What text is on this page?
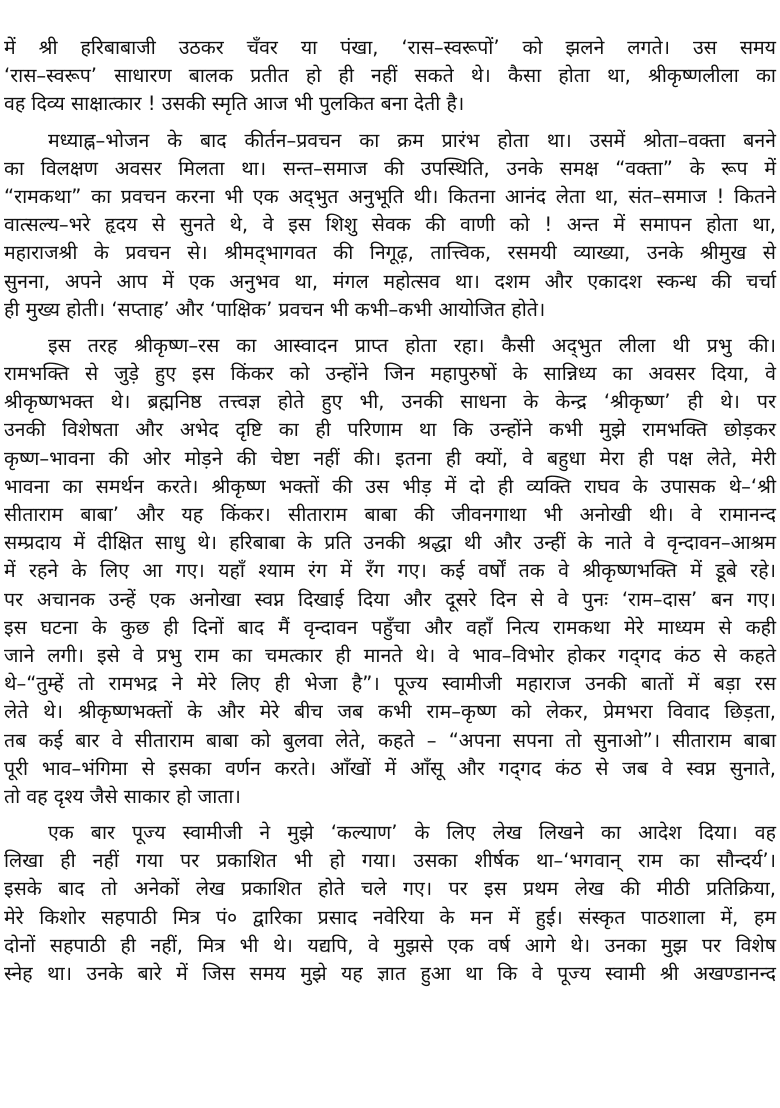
में श्री हरिबाबाजी उठकर चँवर या पंखा, ‘रास–स्वरूपों’ को झलने लगते। उस समय
‘रास–स्वरूप’ साधारण बालक प्रतीत हो ही नहीं सकते थे। कैसा होता था, श्रीकृष्णलीला का
वह दिव्य साक्षात्कार ! उसकी स्मृति आज भी पुलकित बना देती है।
मध्याह्न–भोजन के बाद कीर्तन–प्रवचन का क्रम प्रारंभ होता था। उसमें श्रोता–वक्ता बनने
का विलक्षण अवसर मिलता था। सन्त–समाज की उपस्थिति, उनके समक्ष “वक्ता” के रूप में
“रामकथा” का प्रवचन करना भी एक अद्‌भुत अनुभूति थी। कितना आनंद लेता था, संत–समाज ! कितने
वात्सल्य–भरे हृदय से सुनते थे, वे इस शिशु सेवक की वाणी को ! अन्त में समापन होता था,
महाराजश्री के प्रवचन से। श्रीमद्‌भागवत की निगूढ़, तात्त्विक, रसमयी व्याख्या, उनके श्रीमुख से
सुनना, अपने आप में एक अनुभव था, मंगल महोत्सव था। दशम और एकादश स्कन्ध की चर्चा
ही मुख्य होती। ‘सप्ताह’ और ‘पाक्षिक’ प्रवचन भी कभी–कभी आयोजित होते।
इस तरह श्रीकृष्ण–रस का आस्वादन प्राप्त होता रहा। कैसी अद्‌भुत लीला थी प्रभु की।
रामभक्ति से जुड़े हुए इस किंकर को उन्होंने जिन महापुरुषों के सान्निध्य का अवसर दिया, वे
श्रीकृष्णभक्त थे। ब्रह्मनिष्ठ तत्त्वज्ञ होते हुए भी, उनकी साधना के केन्द्र ‘श्रीकृष्ण’ ही थे। पर
उनकी विशेषता और अभेद दृष्टि का ही परिणाम था कि उन्होंने कभी मुझे रामभक्ति छोड़कर
कृष्ण–भावना की ओर मोड़ने की चेष्टा नहीं की। इतना ही क्यों, वे बहुधा मेरा ही पक्ष लेते, मेरी
भावना का समर्थन करते। श्रीकृष्ण भक्तों की उस भीड़ में दो ही व्यक्ति राघव के उपासक थे–‘श्री
सीताराम बाबा’ और यह किंकर। सीताराम बाबा की जीवनगाथा भी अनोखी थी। वे रामानन्द
सम्प्रदाय में दीक्षित साधु थे। हरिबाबा के प्रति उनकी श्रद्धा थी और उन्हीं के नाते वे वृन्दावन–आश्रम
में रहने के लिए आ गए। यहाँ श्याम रंग में रँग गए। कई वर्षों तक वे श्रीकृष्णभक्ति में डूबे रहे।
पर अचानक उन्हें एक अनोखा स्वप्न दिखाई दिया और दूसरे दिन से वे पुनः ‘राम–दास’ बन गए।
इस घटना के कुछ ही दिनों बाद मैं वृन्दावन पहुँचा और वहाँ नित्य रामकथा मेरे माध्यम से कही
जाने लगी। इसे वे प्रभु राम का चमत्कार ही मानते थे। वे भाव–विभोर होकर गद्‌गद कंठ से कहते
थे–“तुम्हें तो रामभद्र ने मेरे लिए ही भेजा है”। पूज्य स्वामीजी महाराज उनकी बातों में बड़ा रस
लेते थे। श्रीकृष्णभक्तों के और मेरे बीच जब कभी राम–कृष्ण को लेकर, प्रेमभरा विवाद छिड़ता,
तब कई बार वे सीताराम बाबा को बुलवा लेते, कहते – “अपना सपना तो सुनाओ”। सीताराम बाबा
पूरी भाव–भंगिमा से इसका वर्णन करते। आँखों में आँसू और गद्‌गद कंठ से जब वे स्वप्न सुनाते,
तो वह दृश्य जैसे साकार हो जाता।
एक बार पूज्य स्वामीजी ने मुझे ‘कल्याण’ के लिए लेख लिखने का आदेश दिया। वह
लिखा ही नहीं गया पर प्रकाशित भी हो गया। उसका शीर्षक था–‘भगवान् राम का सौन्दर्य’।
इसके बाद तो अनेकों लेख प्रकाशित होते चले गए। पर इस प्रथम लेख की मीठी प्रतिक्रिया,
मेरे किशोर सहपाठी मित्र पं० द्वारिका प्रसाद नवेरिया के मन में हुई। संस्कृत पाठशाला में, हम
दोनों सहपाठी ही नहीं, मित्र भी थे। यद्यपि, वे मुझसे एक वर्ष आगे थे। उनका मुझ पर विशेष
स्नेह था। उनके बारे में जिस समय मुझे यह ज्ञात हुआ था कि वे पूज्य स्वामी श्री अखण्डानन्द
